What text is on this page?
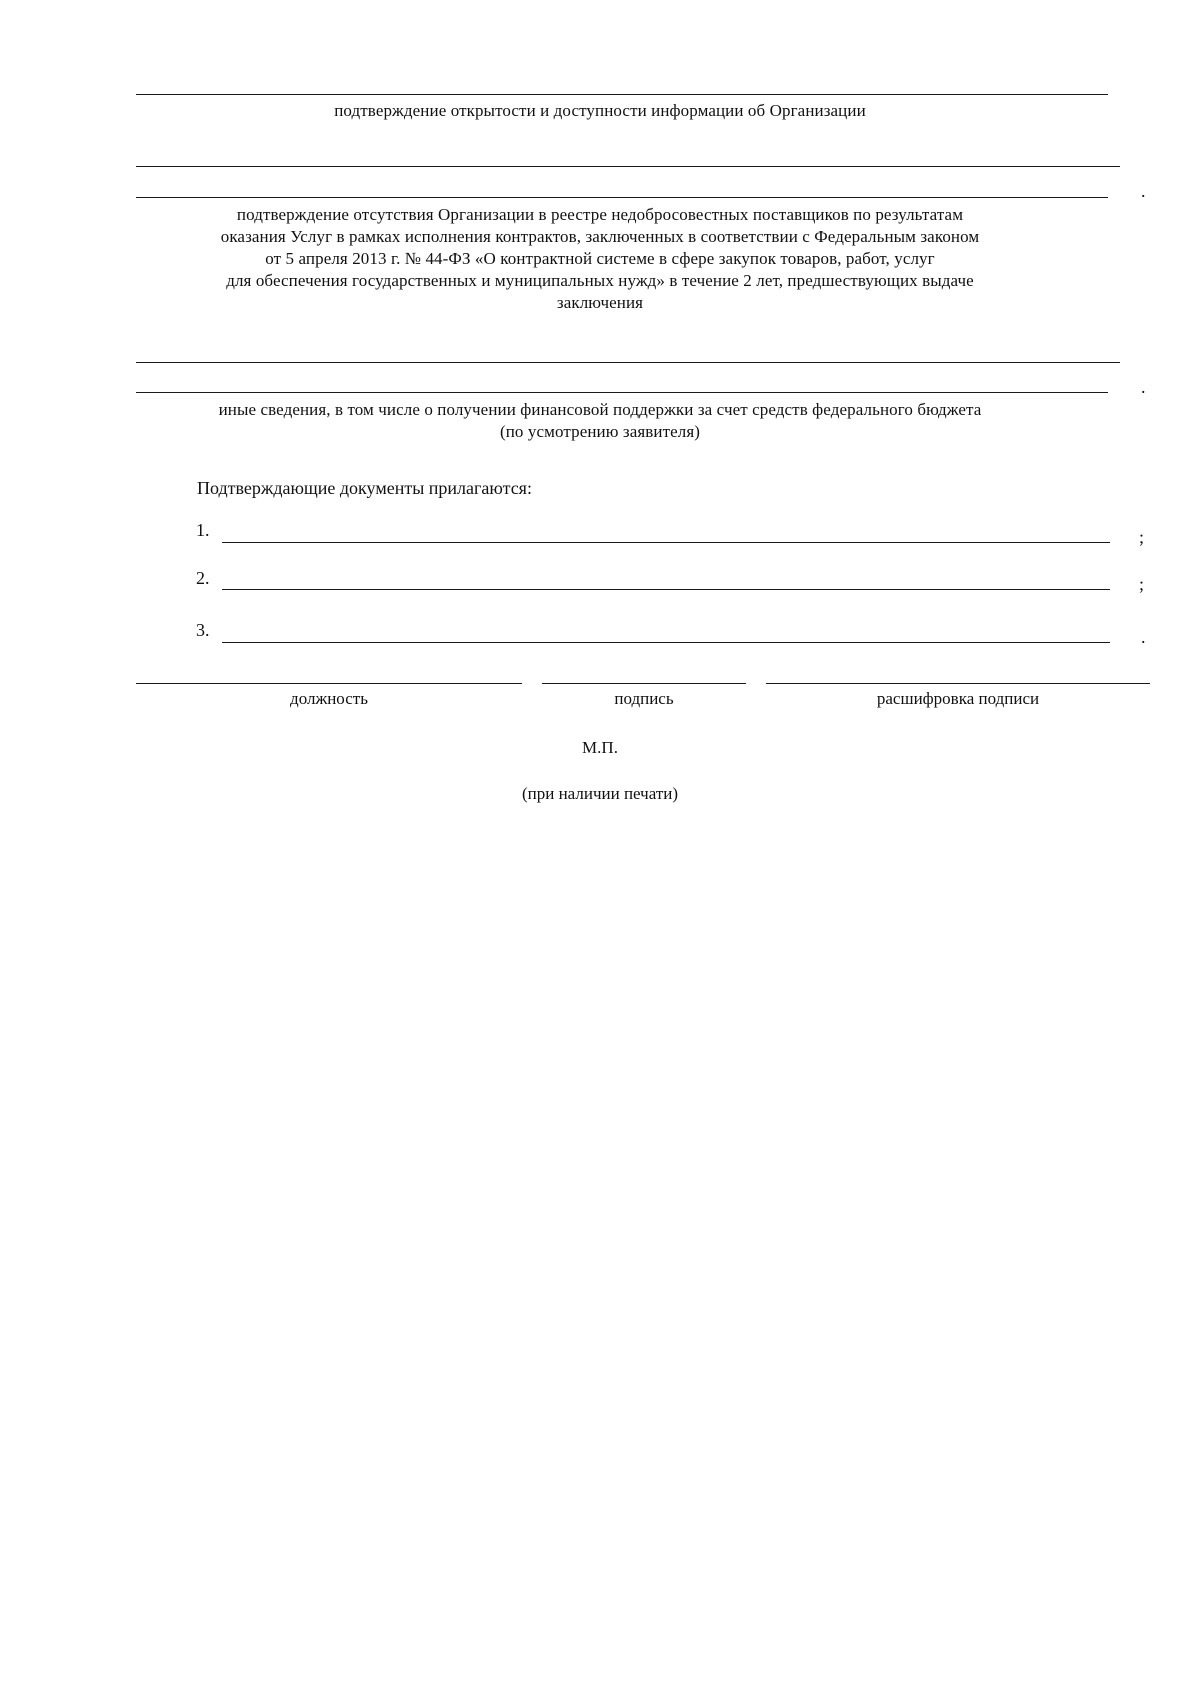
подтверждение открытости и доступности информации об Организации
.
подтверждение отсутствия Организации в реестре недобросовестных поставщиков по результатам
оказания Услуг в рамках исполнения контрактов, заключенных в соответствии с Федеральным законом
от 5 апреля 2013 г. № 44-ФЗ «О контрактной системе в сфере закупок товаров, работ, услуг
для обеспечения государственных и муниципальных нужд» в течение 2 лет, предшествующих выдаче
заключения
.
иные сведения, в том числе о получении финансовой поддержки за счет средств федерального бюджета
(по усмотрению заявителя)
Подтверждающие документы прилагаются:
1.	;
2.	;
3.	.
должность	подпись	расшифровка подписи
М.П.
(при наличии печати)
